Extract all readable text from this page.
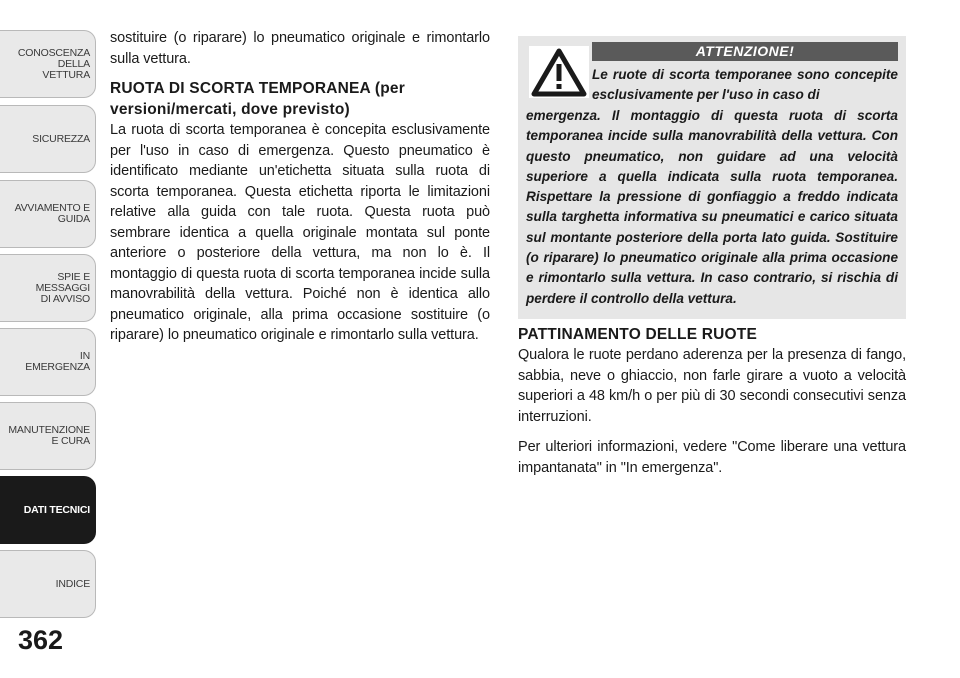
CONOSCENZA DELLA
VETTURA
SICUREZZA
AVVIAMENTO E
GUIDA
SPIE E
MESSAGGI
DI AVVISO
IN
EMERGENZA
MANUTENZIONE
E CURA
DATI TECNICI
INDICE
362

sostituire (o riparare) lo pneumatico originale e rimontarlo sulla vettura.

RUOTA DI SCORTA TEMPORANEA (per versioni/mercati, dove previsto)

La ruota di scorta temporanea è concepita esclusivamente per l'uso in caso di emergenza. Questo pneumatico è identificato mediante un'etichetta situata sulla ruota di scorta temporanea. Questa etichetta riporta le limitazioni relative alla guida con tale ruota. Questa ruota può sembrare identica a quella originale montata sul ponte anteriore o posteriore della vettura, ma non lo è. Il montaggio di questa ruota di scorta temporanea incide sulla manovrabilità della vettura. Poiché non è identica allo pneumatico originale, alla prima occasione sostituire (o riparare) lo pneumatico originale e rimontarlo sulla vettura.

ATTENZIONE!

Le ruote di scorta temporanee sono concepite esclusivamente per l'uso in caso di

emergenza. Il montaggio di questa ruota di scorta temporanea incide sulla manovrabilità della vettura. Con questo pneumatico, non guidare ad una velocità superiore a quella indicata sulla ruota temporanea. Rispettare la pressione di gonfiaggio a freddo indicata sulla targhetta informativa su pneumatici e carico situata sul montante posteriore della porta lato guida. Sostituire (o riparare) lo pneumatico originale alla prima occasione e rimontarlo sulla vettura. In caso contrario, si rischia di perdere il controllo della vettura.

PATTINAMENTO DELLE RUOTE

Qualora le ruote perdano aderenza per la presenza di fango, sabbia, neve o ghiaccio, non farle girare a vuoto a velocità superiori a 48 km/h o per più di 30 secondi consecutivi senza interruzioni.

Per ulteriori informazioni, vedere "Come liberare una vettura impantanata" in "In emergenza".
